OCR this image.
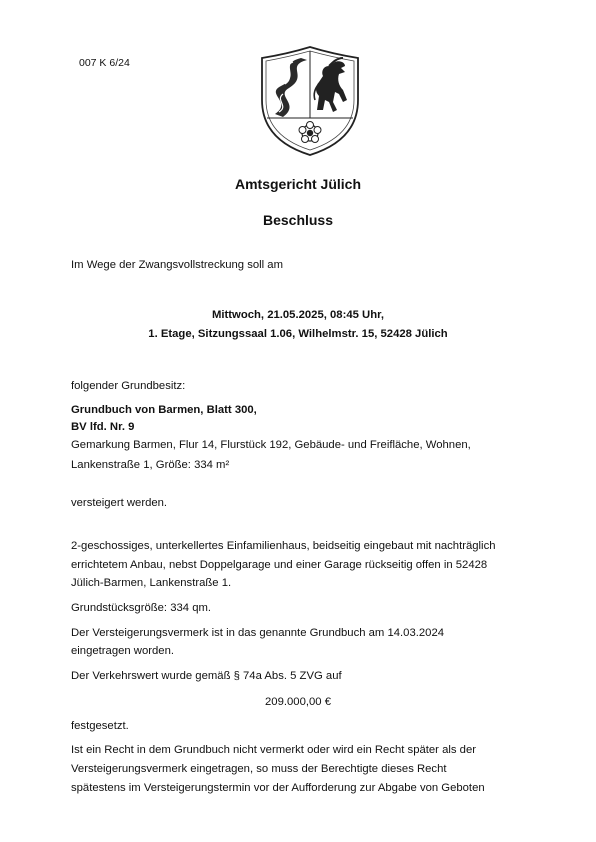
007 K 6/24
Amtsgericht Jülich
Beschluss
Im Wege der Zwangsvollstreckung soll am
Mittwoch, 21.05.2025, 08:45 Uhr,
1. Etage, Sitzungssaal 1.06, Wilhelmstr. 15, 52428 Jülich
folgender Grundbesitz:
Grundbuch von Barmen, Blatt 300,
BV lfd. Nr. 9
Gemarkung Barmen, Flur 14, Flurstück 192, Gebäude- und Freifläche, Wohnen,
Lankenstraße 1, Größe: 334 m²
versteigert werden.
2-geschossiges, unterkellertes Einfamilienhaus, beidseitig eingebaut mit nachträglich
errichtetem Anbau, nebst Doppelgarage und einer Garage rückseitig offen in 52428
Jülich-Barmen, Lankenstraße 1.
Grundstücksgröße: 334 qm.
Der Versteigerungsvermerk ist in das genannte Grundbuch am 14.03.2024
eingetragen worden.
Der Verkehrswert wurde gemäß § 74a Abs. 5 ZVG auf
209.000,00 €
festgesetzt.
Ist ein Recht in dem Grundbuch nicht vermerkt oder wird ein Recht später als der
Versteigerungsvermerk eingetragen, so muss der Berechtigte dieses Recht
spätestens im Versteigerungstermin vor der Aufforderung zur Abgabe von Geboten
